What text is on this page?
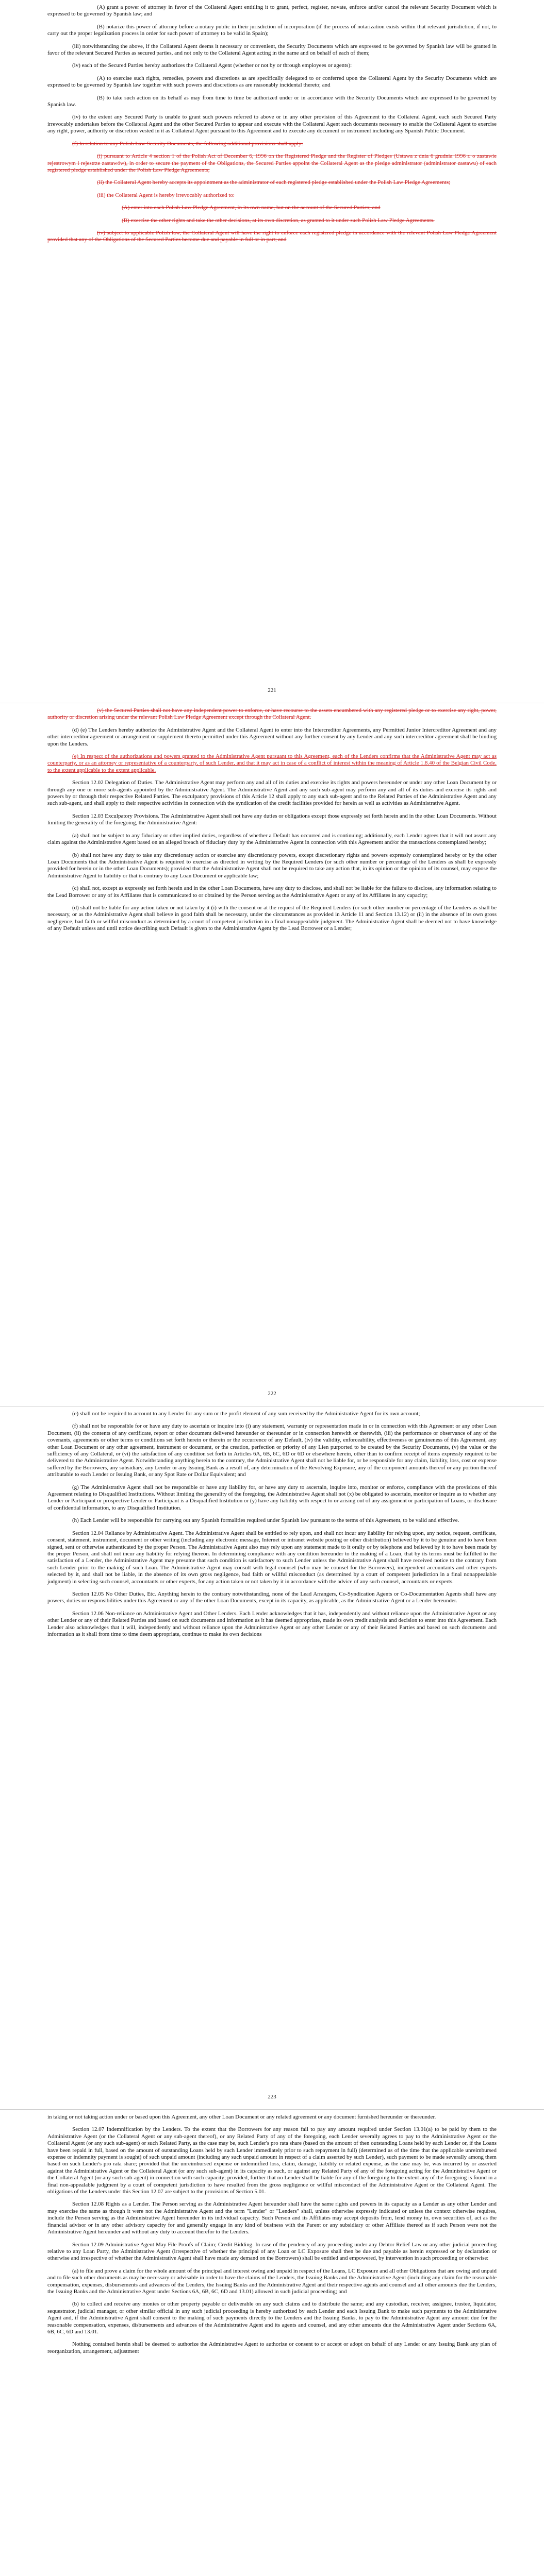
(A) grant a power of attorney in favor of the Collateral Agent entitling it to grant, perfect, register, novate, enforce and/or cancel the relevant Security Document which is expressed to be governed by Spanish law; and

(B) notarize this power of attorney before a notary public in their jurisdiction of incorporation (if the process of notarization exists within that relevant jurisdiction, if not, to carry out the proper legalization process in order for such power of attorney to be valid in Spain);

(iii) notwithstanding the above, if the Collateral Agent deems it necessary or convenient, the Security Documents which are expressed to be governed by Spanish law will be granted in favor of the relevant Secured Parties as secured parties, and not only to the Collateral Agent acting in the name and on behalf of each of them;

(iv) each of the Secured Parties hereby authorizes the Collateral Agent (whether or not by or through employees or agents):

(A) to exercise such rights, remedies, powers and discretions as are specifically delegated to or conferred upon the Collateral Agent by the Security Documents which are expressed to be governed by Spanish law together with such powers and discretions as are reasonably incidental thereto; and

(B) to take such action on its behalf as may from time to time be authorized under or in accordance with the Security Documents which are expressed to be governed by Spanish law.

(iv) to the extent any Secured Party is unable to grant such powers referred to above or in any other provision of this Agreement to the Collateral Agent, each such Secured Party irrevocably undertakes before the Collateral Agent and the other Secured Parties to appear and execute with the Collateral Agent such documents necessary to enable the Collateral Agent to exercise any right, power, authority or discretion vested in it as Collateral Agent pursuant to this Agreement and to execute any document or instrument including any Spanish Public Document.

(f) In relation to any Polish Law Security Documents, the following additional provisions shall apply:

(i) pursuant to Article 4 section 1 of the Polish Act of December 6, 1996 on the Registered Pledge and the Register of Pledges (Ustawa z dnia 6 grudnia 1996 r. o zastawie rejestrowym i rejestrze zastawów), in order to secure the payment of the Obligations, the Secured Parties appoint the Collateral Agent as the pledge administrator (administrator zastawu) of each registered pledge established under the Polish Law Pledge Agreements;

(ii) the Collateral Agent hereby accepts its appointment as the administrator of each registered pledge established under the Polish Law Pledge Agreements;

(iii) the Collateral Agent is hereby irrevocably authorized to:

(A) enter into each Polish Law Pledge Agreement, in its own name, but on the account of the Secured Parties; and

(B) exercise the other rights and take the other decisions, at its own discretion, as granted to it under such Polish Law Pledge Agreements.

(iv) subject to applicable Polish law, the Collateral Agent will have the right to enforce each registered pledge in accordance with the relevant Polish Law Pledge Agreement provided that any of the Obligations of the Secured Parties become due and payable in full or in part; and

221

(v) the Secured Parties shall not have any independent power to enforce, or have recourse to the assets encumbered with any registered pledge or to exercise any right, power, authority or discretion arising under the relevant Polish Law Pledge Agreement except through the Collateral Agent.

(d) (e) The Lenders hereby authorize the Administrative Agent and the Collateral Agent to enter into the Intercreditor Agreements, any Permitted Junior Intercreditor Agreement and any other intercreditor agreement or arrangement or supplement thereto permitted under this Agreement without any further consent by any Lender and any such intercreditor agreement shall be binding upon the Lenders.

(e) In respect of the authorizations and powers granted to the Administrative Agent pursuant to this Agreement, each of the Lenders confirms that the Administrative Agent may act as counterparty, or as an attorney or representative of a counterparty, of such Lender, and that it may act in case of a conflict of interest within the meaning of Article 1.8.40 of the Belgian Civil Code, to the extent applicable to the extent applicable.

Section 12.02 Delegation of Duties. The Administrative Agent may perform any and all of its duties and exercise its rights and powers hereunder or under any other Loan Document by or through any one or more sub-agents appointed by the Administrative Agent. The Administrative Agent and any such sub-agent may perform any and all of its duties and exercise its rights and powers by or through their respective Related Parties. The exculpatory provisions of this Article 12 shall apply to any such sub-agent and to the Related Parties of the Administrative Agent and any such sub-agent, and shall apply to their respective activities in connection with the syndication of the credit facilities provided for herein as well as activities as Administrative Agent.

Section 12.03 Exculpatory Provisions. The Administrative Agent shall not have any duties or obligations except those expressly set forth herein and in the other Loan Documents. Without limiting the generality of the foregoing, the Administrative Agent:

(a) shall not be subject to any fiduciary or other implied duties, regardless of whether a Default has occurred and is continuing; additionally, each Lender agrees that it will not assert any claim against the Administrative Agent based on an alleged breach of fiduciary duty by the Administrative Agent in connection with this Agreement and/or the transactions contemplated hereby;

(b) shall not have any duty to take any discretionary action or exercise any discretionary powers, except discretionary rights and powers expressly contemplated hereby or by the other Loan Documents that the Administrative Agent is required to exercise as directed in writing by the Required Lenders (or such other number or percentage of the Lenders as shall be expressly provided for herein or in the other Loan Documents); provided that the Administrative Agent shall not be required to take any action that, in its opinion or the opinion of its counsel, may expose the Administrative Agent to liability or that is contrary to any Loan Document or applicable law;

(c) shall not, except as expressly set forth herein and in the other Loan Documents, have any duty to disclose, and shall not be liable for the failure to disclose, any information relating to the Lead Borrower or any of its Affiliates that is communicated to or obtained by the Person serving as the Administrative Agent or any of its Affiliates in any capacity;

(d) shall not be liable for any action taken or not taken by it (i) with the consent or at the request of the Required Lenders (or such other number or percentage of the Lenders as shall be necessary, or as the Administrative Agent shall believe in good faith shall be necessary, under the circumstances as provided in Article 11 and Section 13.12) or (ii) in the absence of its own gross negligence, bad faith or willful misconduct as determined by a court of competent jurisdiction in a final nonappealable judgment. The Administrative Agent shall be deemed not to have knowledge of any Default unless and until notice describing such Default is given to the Administrative Agent by the Lead Borrower or a Lender;

222

(e) shall not be required to account to any Lender for any sum or the profit element of any sum received by the Administrative Agent for its own account;

(f) shall not be responsible for or have any duty to ascertain or inquire into (i) any statement, warranty or representation made in or in connection with this Agreement or any other Loan Document, (ii) the contents of any certificate, report or other document delivered hereunder or thereunder or in connection herewith or therewith, (iii) the performance or observance of any of the covenants, agreements or other terms or conditions set forth herein or therein or the occurrence of any Default, (iv) the validity, enforceability, effectiveness or genuineness of this Agreement, any other Loan Document or any other agreement, instrument or document, or the creation, perfection or priority of any Lien purported to be created by the Security Documents, (v) the value or the sufficiency of any Collateral, or (vi) the satisfaction of any condition set forth in Articles 6A, 6B, 6C, 6D or 6D or elsewhere herein, other than to confirm receipt of items expressly required to be delivered to the Administrative Agent. Notwithstanding anything herein to the contrary, the Administrative Agent shall not be liable for, or be responsible for any claim, liability, loss, cost or expense suffered by the Borrowers, any subsidiary, any Lender or any Issuing Bank as a result of, any determination of the Revolving Exposure, any of the component amounts thereof or any portion thereof attributable to each Lender or Issuing Bank, or any Spot Rate or Dollar Equivalent; and

(g) The Administrative Agent shall not be responsible or have any liability for, or have any duty to ascertain, inquire into, monitor or enforce, compliance with the provisions of this Agreement relating to Disqualified Institutions. Without limiting the generality of the foregoing, the Administrative Agent shall not (x) be obligated to ascertain, monitor or inquire as to whether any Lender or Participant or prospective Lender or Participant is a Disqualified Institution or (y) have any liability with respect to or arising out of any assignment or participation of Loans, or disclosure of confidential information, to any Disqualified Institution.

(h) Each Lender will be responsible for carrying out any Spanish formalities required under Spanish law pursuant to the terms of this Agreement, to be valid and effective.

Section 12.04 Reliance by Administrative Agent. The Administrative Agent shall be entitled to rely upon, and shall not incur any liability for relying upon, any notice, request, certificate, consent, statement, instrument, document or other writing (including any electronic message, Internet or intranet website posting or other distribution) believed by it to be genuine and to have been signed, sent or otherwise authenticated by the proper Person. The Administrative Agent also may rely upon any statement made to it orally or by telephone and believed by it to have been made by the proper Person, and shall not incur any liability for relying thereon. In determining compliance with any condition hereunder to the making of a Loan, that by its terms must be fulfilled to the satisfaction of a Lender, the Administrative Agent may presume that such condition is satisfactory to such Lender unless the Administrative Agent shall have received notice to the contrary from such Lender prior to the making of such Loan. The Administrative Agent may consult with legal counsel (who may be counsel for the Borrowers), independent accountants and other experts selected by it, and shall not be liable, in the absence of its own gross negligence, bad faith or willful misconduct (as determined by a court of competent jurisdiction in a final nonappealable judgment) in selecting such counsel, accountants or other experts, for any action taken or not taken by it in accordance with the advice of any such counsel, accountants or experts.

Section 12.05 No Other Duties, Etc. Anything herein to the contrary notwithstanding, none of the Lead Arrangers, Co-Syndication Agents or Co-Documentation Agents shall have any powers, duties or responsibilities under this Agreement or any of the other Loan Documents, except in its capacity, as applicable, as the Administrative Agent or a Lender hereunder.

Section 12.06 Non-reliance on Administrative Agent and Other Lenders. Each Lender acknowledges that it has, independently and without reliance upon the Administrative Agent or any other Lender or any of their Related Parties and based on such documents and information as it has deemed appropriate, made its own credit analysis and decision to enter into this Agreement. Each Lender also acknowledges that it will, independently and without reliance upon the Administrative Agent or any other Lender or any of their Related Parties and based on such documents and information as it shall from time to time deem appropriate, continue to make its own decisions

223

in taking or not taking action under or based upon this Agreement, any other Loan Document or any related agreement or any document furnished hereunder or thereunder.

Section 12.07 Indemnification by the Lenders. To the extent that the Borrowers for any reason fail to pay any amount required under Section 13.01(a) to be paid by them to the Administrative Agent (or the Collateral Agent or any sub-agent thereof), or any Related Party of any of the foregoing, each Lender severally agrees to pay to the Administrative Agent or the Collateral Agent (or any such sub-agent) or such Related Party, as the case may be, such Lender's pro rata share (based on the amount of then outstanding Loans held by each Lender or, if the Loans have been repaid in full, based on the amount of outstanding Loans held by such Lender immediately prior to such repayment in full) (determined as of the time that the applicable unreimbursed expense or indemnity payment is sought) of such unpaid amount (including any such unpaid amount in respect of a claim asserted by such Lender), such payment to be made severally among them based on such Lender's pro rata share; provided that the unreimbursed expense or indemnified loss, claim, damage, liability or related expense, as the case may be, was incurred by or asserted against the Administrative Agent or the Collateral Agent (or any such sub-agent) in its capacity as such, or against any Related Party of any of the foregoing acting for the Administrative Agent or the Collateral Agent (or any such sub-agent) in connection with such capacity; provided, further that no Lender shall be liable for any of the foregoing to the extent any of the foregoing is found in a final non-appealable judgment by a court of competent jurisdiction to have resulted from the gross negligence or willful misconduct of the Administrative Agent or the Collateral Agent. The obligations of the Lenders under this Section 12.07 are subject to the provisions of Section 5.01.

Section 12.08 Rights as a Lender. The Person serving as the Administrative Agent hereunder shall have the same rights and powers in its capacity as a Lender as any other Lender and may exercise the same as though it were not the Administrative Agent and the term "Lender" or "Lenders" shall, unless otherwise expressly indicated or unless the context otherwise requires, include the Person serving as the Administrative Agent hereunder in its individual capacity. Such Person and its Affiliates may accept deposits from, lend money to, own securities of, act as the financial advisor or in any other advisory capacity for and generally engage in any kind of business with the Parent or any subsidiary or other Affiliate thereof as if such Person were not the Administrative Agent hereunder and without any duty to account therefor to the Lenders.

Section 12.09 Administrative Agent May File Proofs of Claim; Credit Bidding. In case of the pendency of any proceeding under any Debtor Relief Law or any other judicial proceeding relative to any Loan Party, the Administrative Agent (irrespective of whether the principal of any Loan or LC Exposure shall then be due and payable as herein expressed or by declaration or otherwise and irrespective of whether the Administrative Agent shall have made any demand on the Borrowers) shall be entitled and empowered, by intervention in such proceeding or otherwise:

(a) to file and prove a claim for the whole amount of the principal and interest owing and unpaid in respect of the Loans, LC Exposure and all other Obligations that are owing and unpaid and to file such other documents as may be necessary or advisable in order to have the claims of the Lenders, the Issuing Banks and the Administrative Agent (including any claim for the reasonable compensation, expenses, disbursements and advances of the Lenders, the Issuing Banks and the Administrative Agent and their respective agents and counsel and all other amounts due the Lenders, the Issuing Banks and the Administrative Agent under Sections 6A, 6B, 6C, 6D and 13.01) allowed in such judicial proceeding; and

(b) to collect and receive any monies or other property payable or deliverable on any such claims and to distribute the same; and any custodian, receiver, assignee, trustee, liquidator, sequestrator, judicial manager, or other similar official in any such judicial proceeding is hereby authorized by each Lender and each Issuing Bank to make such payments to the Administrative Agent and, if the Administrative Agent shall consent to the making of such payments directly to the Lenders and the Issuing Banks, to pay to the Administrative Agent any amount due for the reasonable compensation, expenses, disbursements and advances of the Administrative Agent and its agents and counsel, and any other amounts due the Administrative Agent under Sections 6A, 6B, 6C, 6D and 13.01.

Nothing contained herein shall be deemed to authorize the Administrative Agent to authorize or consent to or accept or adopt on behalf of any Lender or any Issuing Bank any plan of reorganization, arrangement, adjustment
